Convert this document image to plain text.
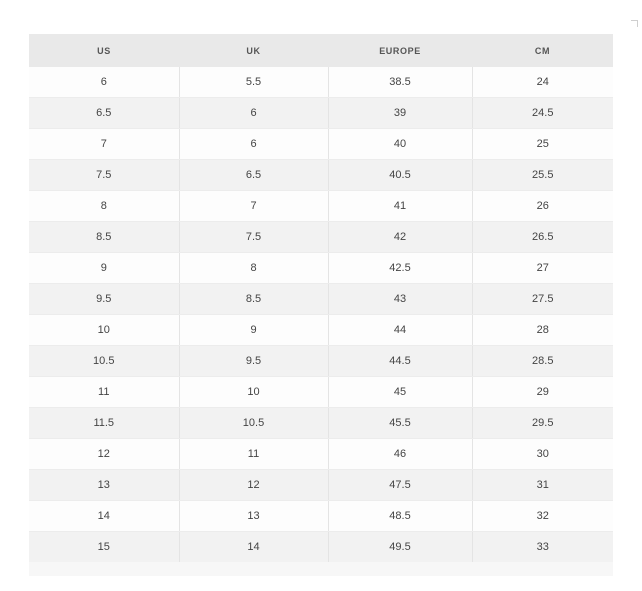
US	UK	EUROPE	CM
6	5.5	38.5	24
6.5	6	39	24.5
7	6	40	25
7.5	6.5	40.5	25.5
8	7	41	26
8.5	7.5	42	26.5
9	8	42.5	27
9.5	8.5	43	27.5
10	9	44	28
10.5	9.5	44.5	28.5
11	10	45	29
11.5	10.5	45.5	29.5
12	11	46	30
13	12	47.5	31
14	13	48.5	32
15	14	49.5	33
